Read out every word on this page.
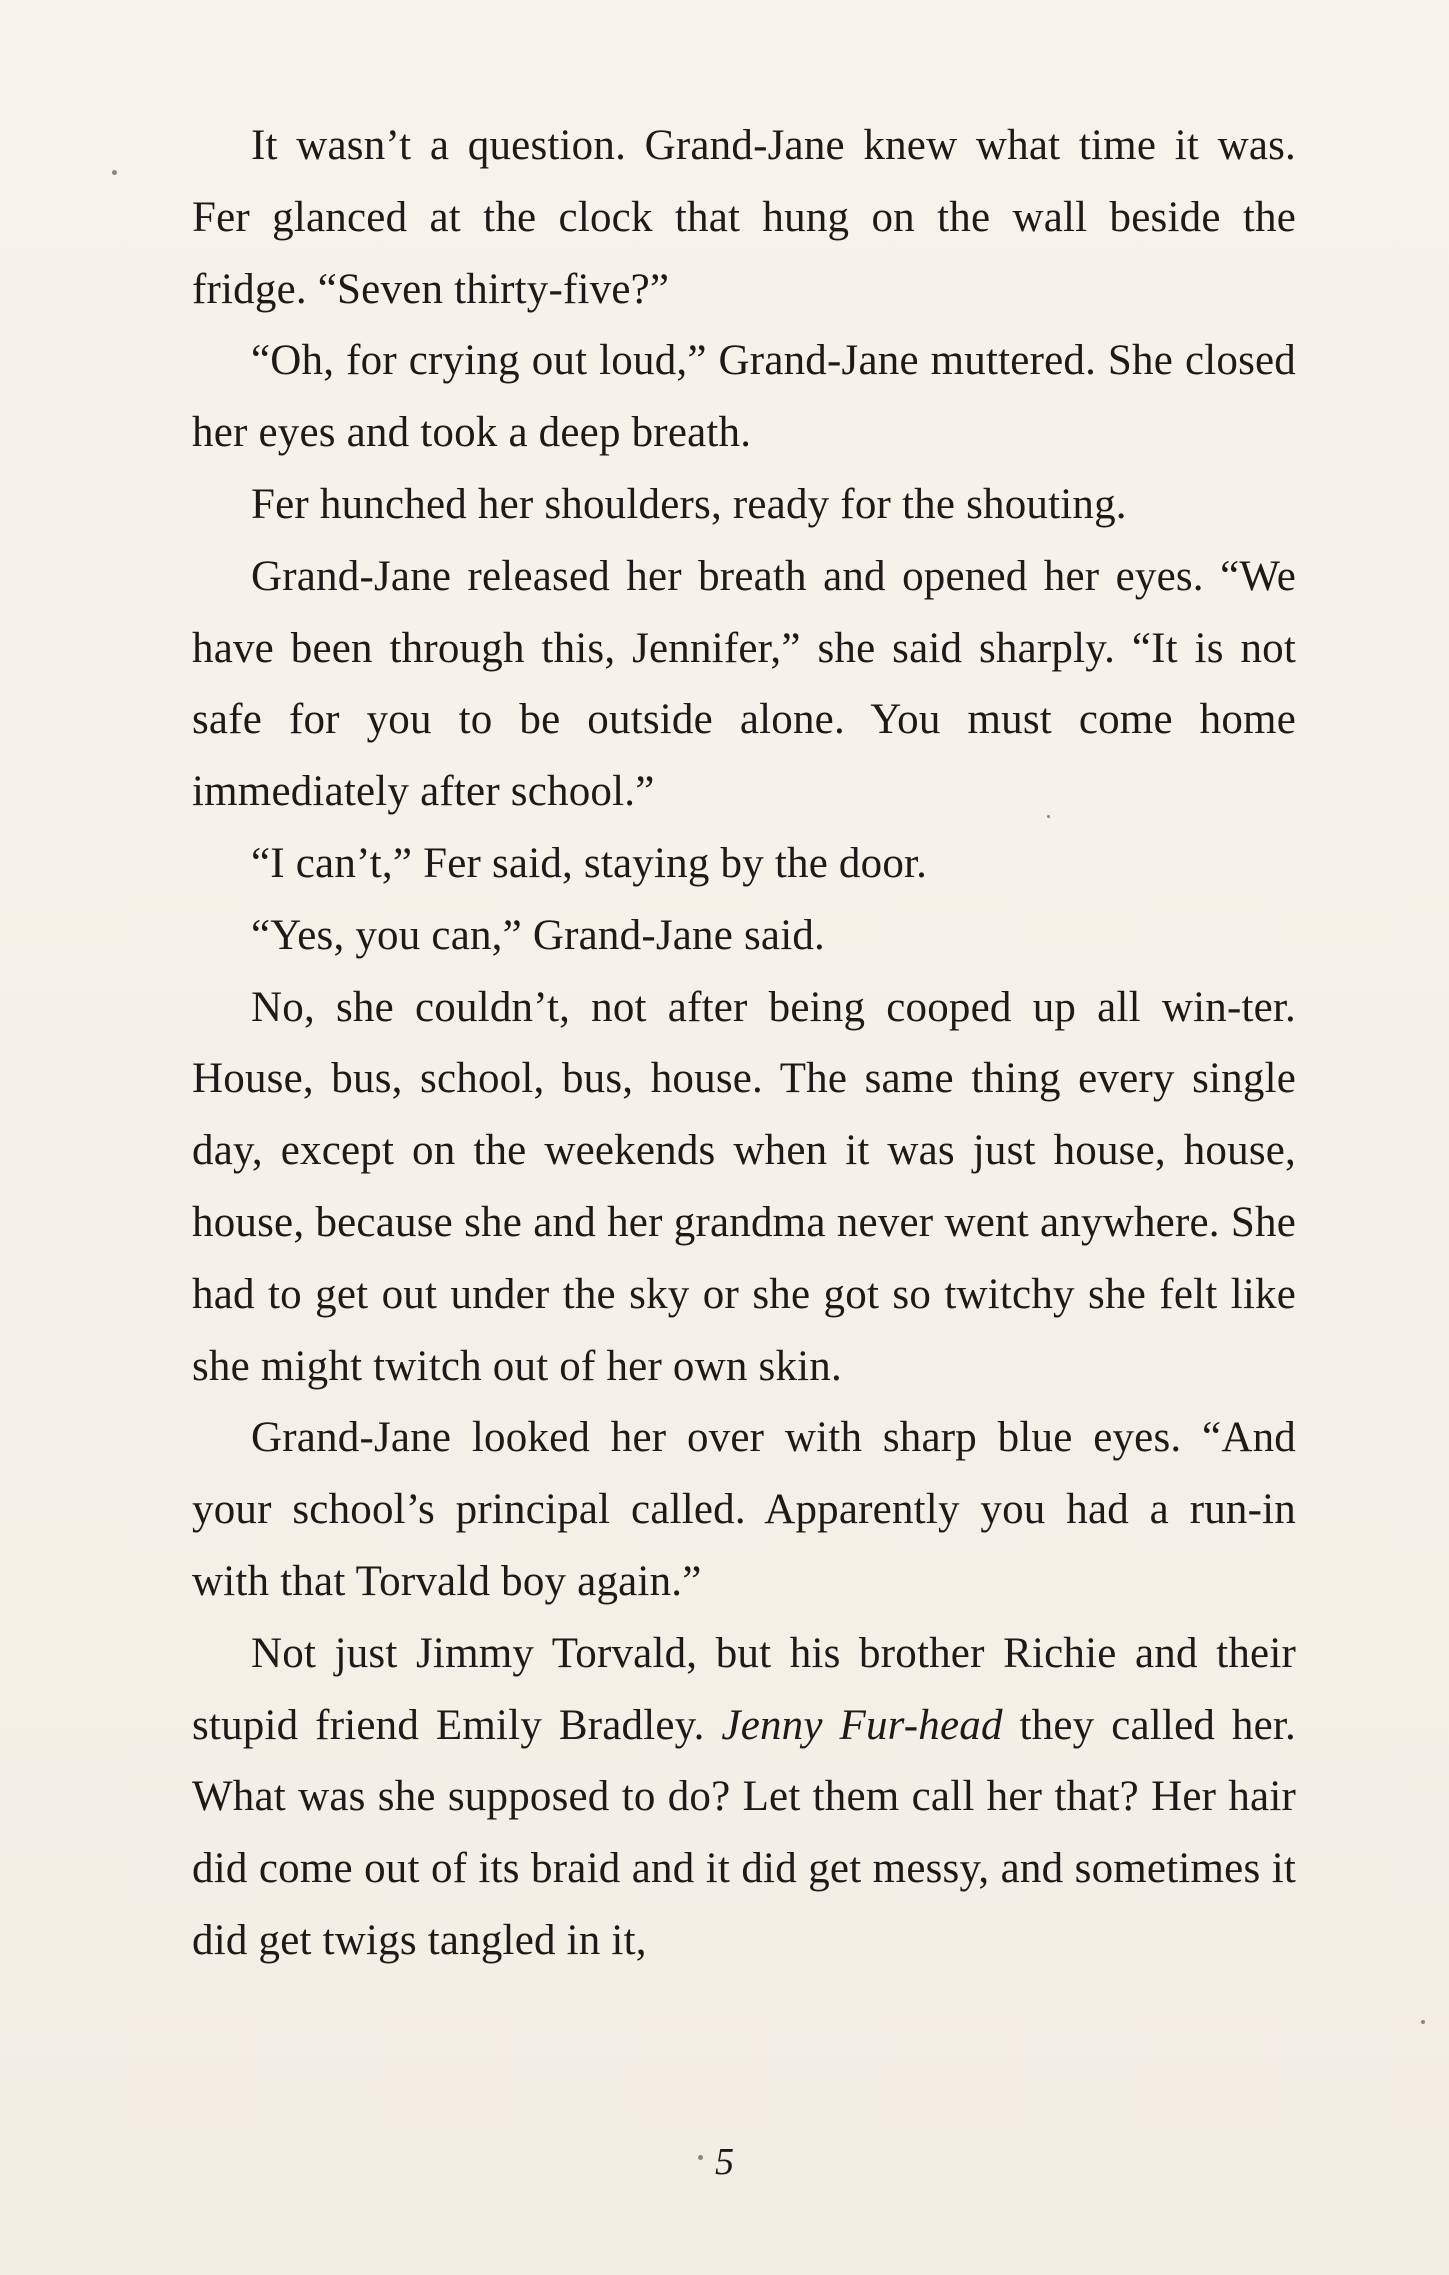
It wasn’t a question. Grand-Jane knew what time it was. Fer glanced at the clock that hung on the wall beside the fridge. “Seven thirty-five?”

“Oh, for crying out loud,” Grand-Jane muttered. She closed her eyes and took a deep breath.

Fer hunched her shoulders, ready for the shouting.

Grand-Jane released her breath and opened her eyes. “We have been through this, Jennifer,” she said sharply. “It is not safe for you to be outside alone. You must come home immediately after school.”

“I can’t,” Fer said, staying by the door.

“Yes, you can,” Grand-Jane said.

No, she couldn’t, not after being cooped up all win-ter. House, bus, school, bus, house. The same thing every single day, except on the weekends when it was just house, house, house, because she and her grandma never went anywhere. She had to get out under the sky or she got so twitchy she felt like she might twitch out of her own skin.

Grand-Jane looked her over with sharp blue eyes. “And your school’s principal called. Apparently you had a run-in with that Torvald boy again.”

Not just Jimmy Torvald, but his brother Richie and their stupid friend Emily Bradley. Jenny Fur-head they called her. What was she supposed to do? Let them call her that? Her hair did come out of its braid and it did get messy, and sometimes it did get twigs tangled in it,

5
